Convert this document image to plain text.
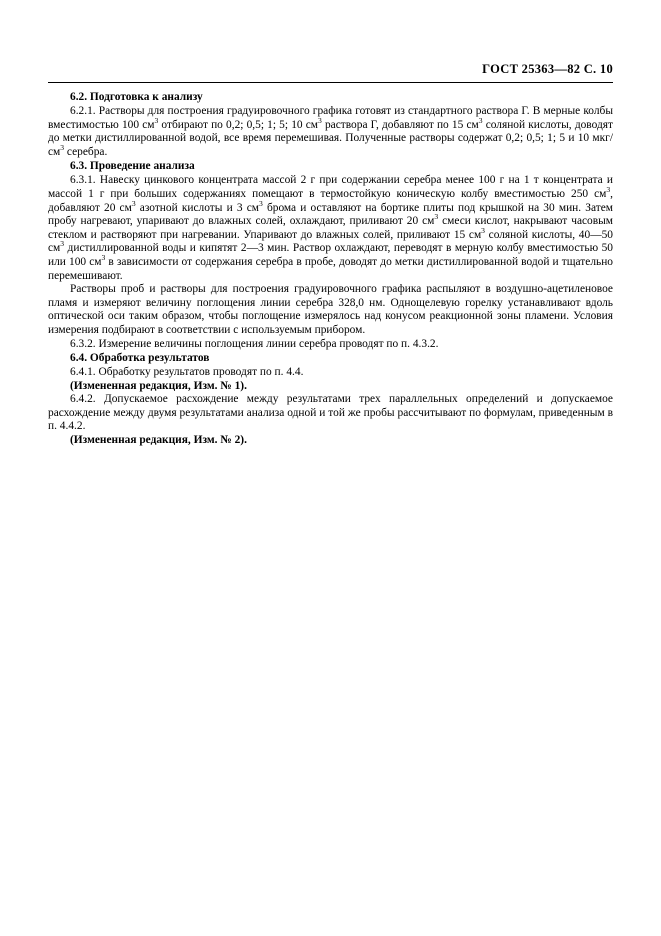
ГОСТ 25363—82 С. 10

6.2. Подготовка к анализу

6.2.1. Растворы для построения градуировочного графика готовят из стандартного раствора Г. В мерные колбы вместимостью 100 $см^3$ отбирают по 0,2; 0,5; 1; 5; 10 $см^3$ раствора Г, добавляют по 15 $см^3$ соляной кислоты, доводят до метки дистиллированной водой, все время перемешивая. Полученные растворы содержат 0,2; 0,5; 1; 5 и 10 мкг/$см^3$ серебра.

6.3. Проведение анализа

6.3.1. Навеску цинкового концентрата массой 2 г при содержании серебра менее 100 г на 1 т концентрата и массой 1 г при больших содержаниях помещают в термостойкую коническую колбу вместимостью 250 $см^3$, добавляют 20 $см^3$ азотной кислоты и 3 $см^3$ брома и оставляют на бортике плиты под крышкой на 30 мин. Затем пробу нагревают, упаривают до влажных солей, охлаждают, приливают 20 $см^3$ смеси кислот, накрывают часовым стеклом и растворяют при нагревании. Упаривают до влажных солей, приливают 15 $см^3$ соляной кислоты, 40—50 $см^3$ дистиллированной воды и кипятят 2—3 мин. Раствор охлаждают, переводят в мерную колбу вместимостью 50 или 100 $см^3$ в зависимости от содержания серебра в пробе, доводят до метки дистиллированной водой и тщательно перемешивают.

Растворы проб и растворы для построения градуировочного графика распыляют в воздушно-ацетиленовое пламя и измеряют величину поглощения линии серебра 328,0 нм. Однощелевую горелку устанавливают вдоль оптической оси таким образом, чтобы поглощение измерялось над конусом реакционной зоны пламени. Условия измерения подбирают в соответствии с используемым прибором.

6.3.2. Измерение величины поглощения линии серебра проводят по п. 4.3.2.

6.4. Обработка результатов

6.4.1. Обработку результатов проводят по п. 4.4.

(Измененная редакция, Изм. № 1).

6.4.2. Допускаемое расхождение между результатами трех параллельных определений и допускаемое расхождение между двумя результатами анализа одной и той же пробы рассчитывают по формулам, приведенным в п. 4.4.2.

(Измененная редакция, Изм. № 2).
